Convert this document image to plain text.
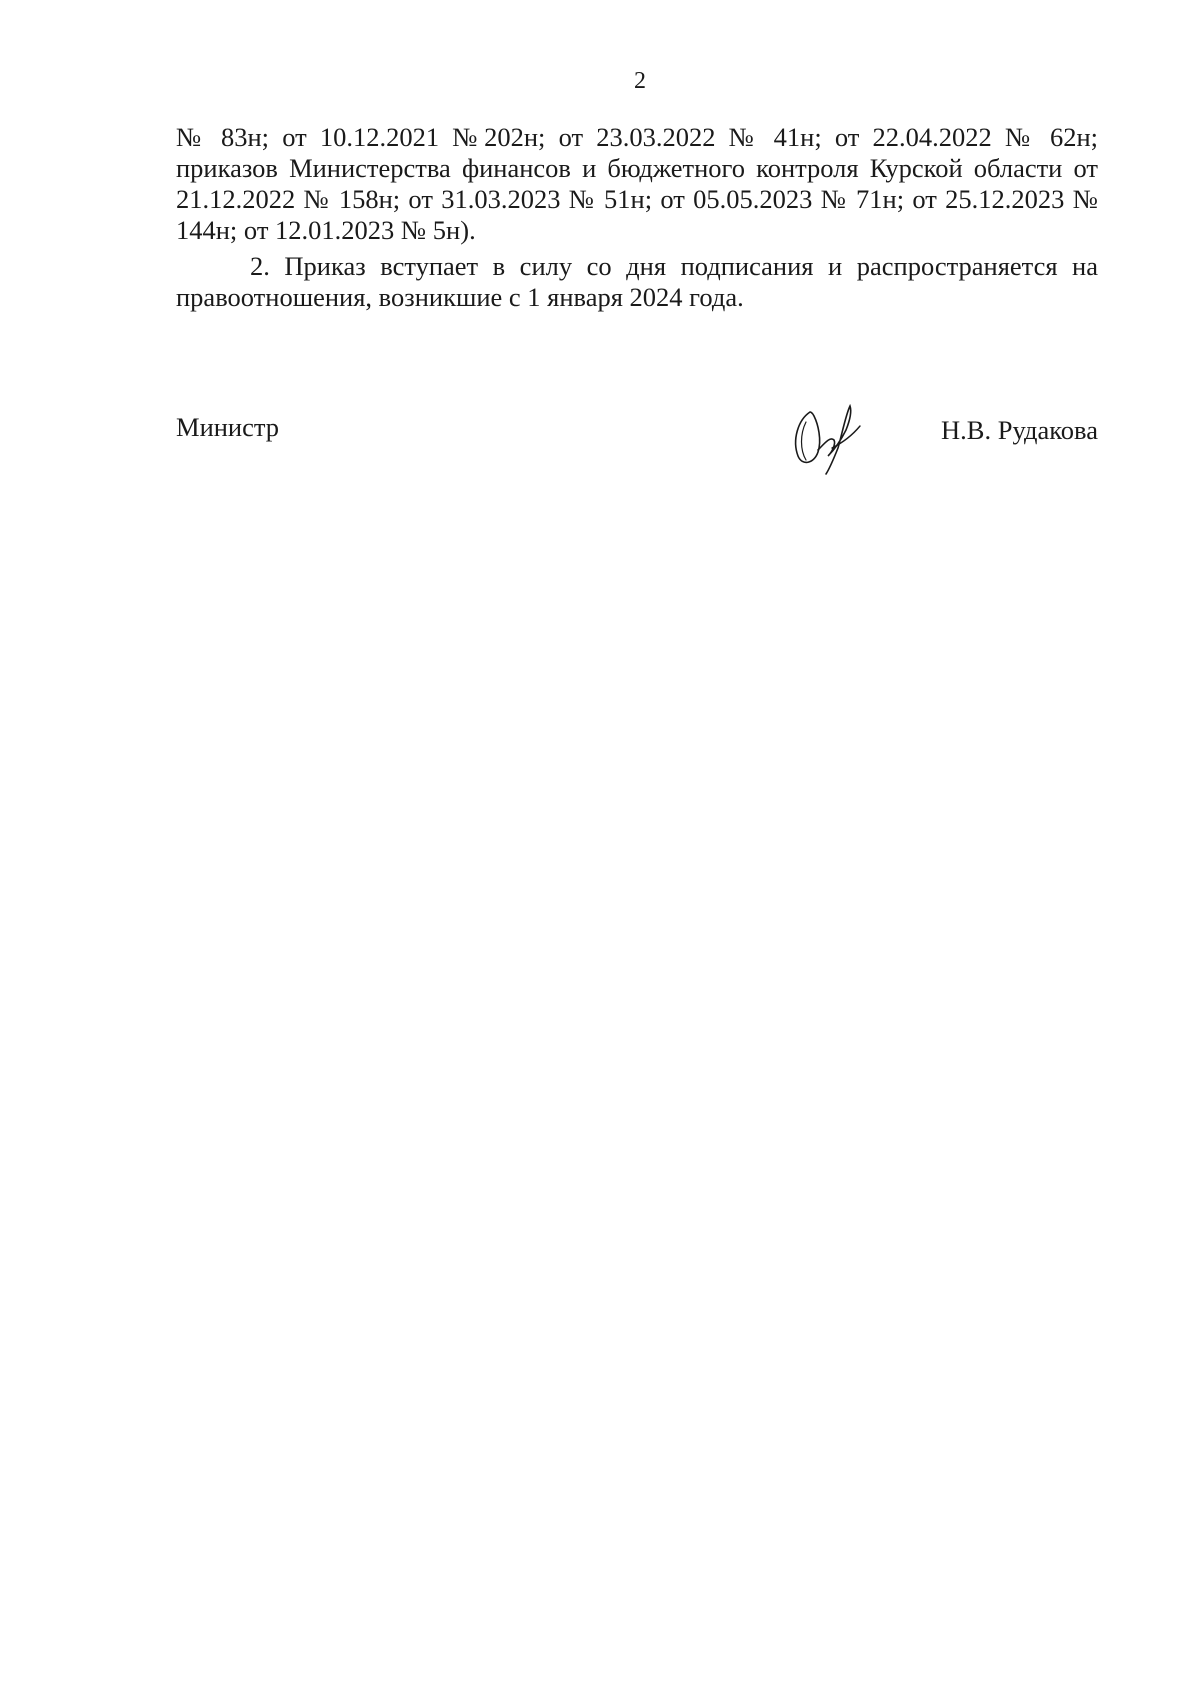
2

№ 83н; от 10.12.2021 №202н; от 23.03.2022 № 41н; от 22.04.2022 № 62н; приказов Министерства финансов и бюджетного контроля Курской области от 21.12.2022 № 158н; от 31.03.2023 № 51н; от 05.05.2023 № 71н; от 25.12.2023 № 144н; от 12.01.2023 № 5н).

2. Приказ вступает в силу со дня подписания и распространяется на правоотношения, возникшие с 1 января 2024 года.

Министр	Н.В. Рудакова
